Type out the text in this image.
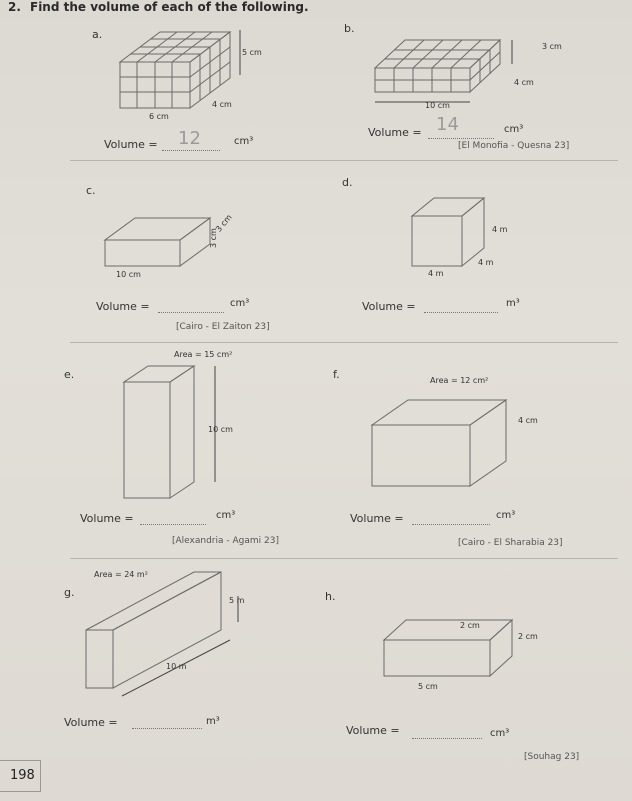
2. Find the volume of each of the following.
a.
6 cm
4 cm
5 cm
Volume = 12	cm³
b.
10 cm
4 cm
3 cm
Volume = 14	cm³
[El Monofia - Quesna 23]
c.
10 cm
3 cm
3 cm
Volume =	cm³
[Cairo - El Zaiton 23]
d.
4 m
4 m
4 m
Volume =	m³
e.
Area = 15 cm²
10 cm
Volume =	cm³
[Alexandria - Agami 23]
f.	Area = 12 cm²
4 cm
Volume =	cm³
[Cairo - El Sharabia 23]
g.
Area = 24 m²
5 m
10 m
Volume =	m³
h.
2 cm
2 cm
5 cm
Volume =	cm³
[Souhag 23]
198
